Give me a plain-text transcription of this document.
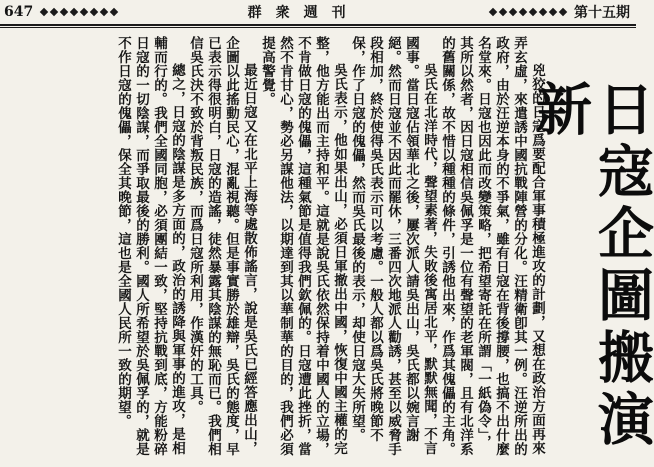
647	群衆週刊	第十五期

兇狡的日寇爲要配合軍事積極進攻的計劃，又想在政治方面再來弄玄虛，來遣誘中國抗戰陣營的分化。汪精衛卽其一例。汪逆所出的政府，由於汪逆本身的不爭氣，雖有日寇在背後撐腰，也搞不出什麼名堂來。日寇也因此而改變策略，把希望寄託在所謂「一紙偽令」，其所以然者，因日寇相信吳佩孚是一位有聲望的老軍閥，且有北洋系的舊關係，故不惜以種種的條件，引誘他出來，作爲其傀儡的主角。

吳氏在北洋時代，聲望素著，失敗後寓居北平，默默無聞，不言國事。當日寇佔領華北之後，屢次派人請吳出山，吳氏都以婉言謝絕。然而日寇並不因此而罷休，三番四次地派人勸誘，甚至以威脅手段相加，終於使得吳氏表示可以考慮。一般人都以爲吳氏將晚節不保，作了日寇的傀儡，然而吳氏最後的表示，却使日寇大失所望。

吳氏表示，他如果出山，必須日軍撤出中國，恢復中國主權的完整，他方能出而主持和平。這就是說吳氏依然保持着中國人的立場，不肯做日寇的傀儡，這種氣節是值得我們欽佩的。日寇遭此挫折，當然不肯甘心，勢必另謀他法，以期達到其以華制華的目的，我們必須提高警覺。

最近日寇又在北平上海等處散佈謠言，說是吳氏已經答應出山，企圖以此搖動民心，混亂視聽。但是事實勝於雄辯，吳氏的態度，早已表示得很明白，日寇的造謠，徒然暴露其陰謀的無恥而已。我們相信吳氏決不致於背叛民族，而爲日寇所利用，作漢奸的工具。

總之，日寇的陰謀是多方面的，政治的誘降與軍事的進攻，是相輔而行的。我們全國同胞，必須團結一致，堅持抗戰到底，方能粉碎日寇的一切陰謀，而爭取最後的勝利。國人所希望於吳佩孚的，就是不作日寇的傀儡，保全其晚節，這也是全國人民所一致的期望。	日寇企圖搬演新
